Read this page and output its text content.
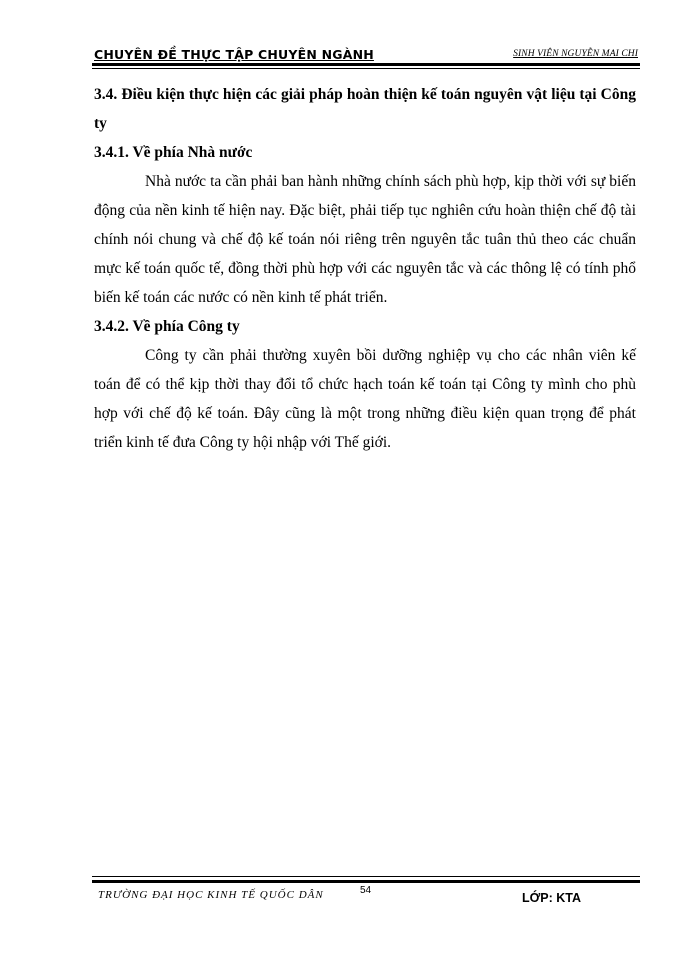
CHUYÊN ĐỀ THỰC TẬP CHUYÊN NGÀNH	SINH VIÊN NGUYỄN MAI CHI

3.4. Điều kiện thực hiện các giải pháp hoàn thiện kế toán nguyên vật liệu tại Công ty

3.4.1. Về phía Nhà nước

Nhà nước ta cần phải ban hành những chính sách phù hợp, kịp thời với sự biến động của nền kinh tế hiện nay. Đặc biệt, phải tiếp tục nghiên cứu hoàn thiện chế độ tài chính nói chung và chế độ kế toán nói riêng trên nguyên tắc tuân thủ theo các chuẩn mực kế toán quốc tế, đồng thời phù hợp với các nguyên tắc và các thông lệ có tính phổ biến kế toán các nước có nền kinh tế phát triển.

3.4.2. Về phía Công ty

Công ty cần phải thường xuyên bồi dưỡng nghiệp vụ cho các nhân viên kế toán để có thể kịp thời thay đổi tổ chức hạch toán kế toán tại Công ty mình cho phù hợp với chế độ kế toán. Đây cũng là một trong những điều kiện quan trọng để phát triển kinh tế đưa Công ty hội nhập với Thế giới.

TRƯỜNG ĐẠI HỌC KINH TẾ QUỐC DÂN	54
LỚP: KTA
